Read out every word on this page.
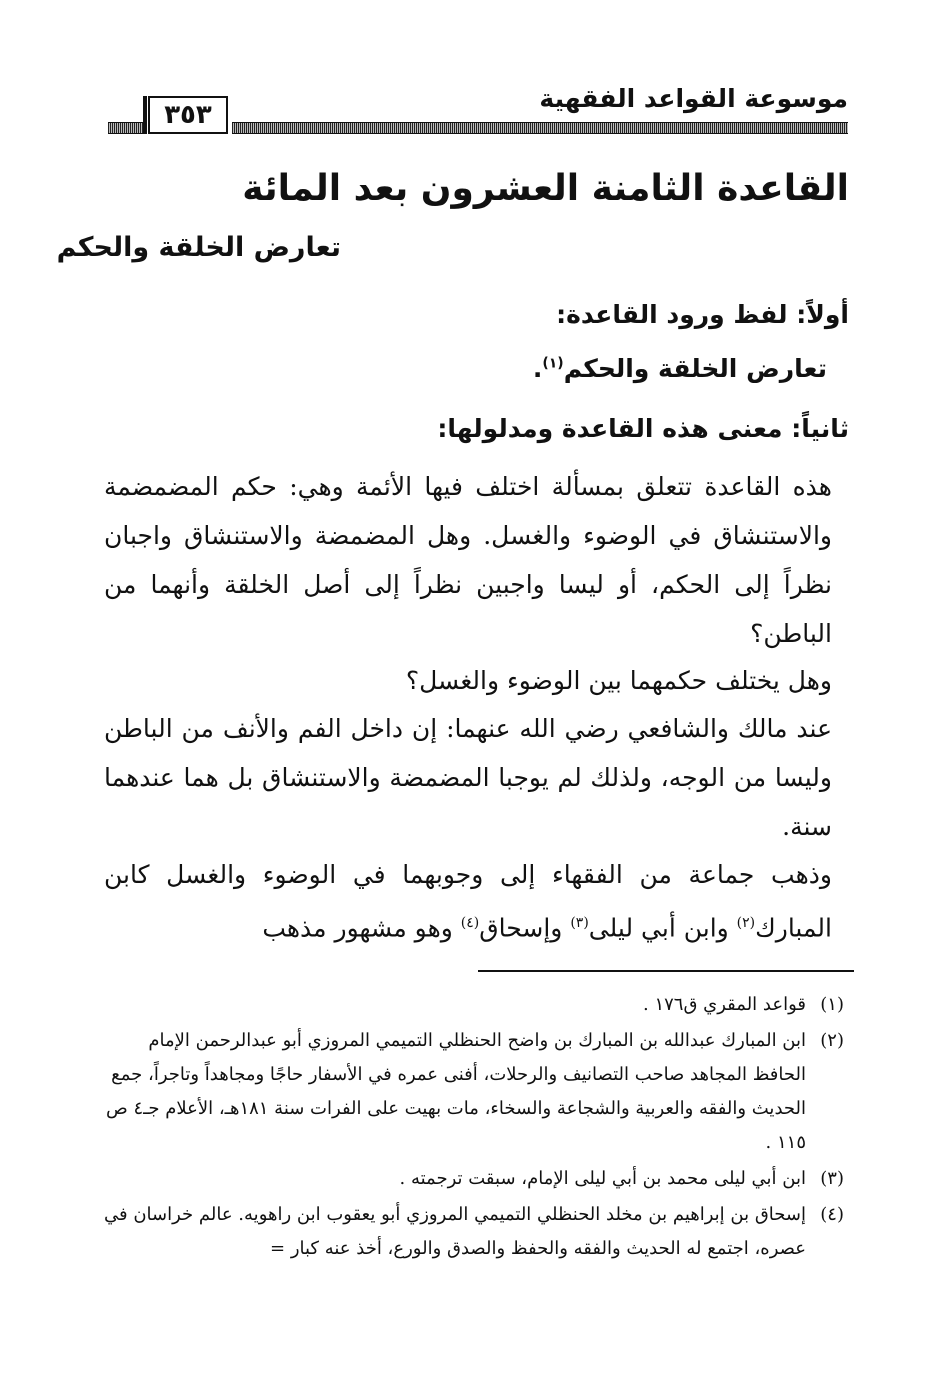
موسوعة القواعد الفقهية
٣٥٣
القاعدة الثامنة العشرون بعد المائة
تعارض الخلقة والحكم
أولاً: لفظ ورود القاعدة:
تعارض الخلقة والحكم$^{(١)}$.
ثانياً: معنى هذه القاعدة ومدلولها:
هذه القاعدة تتعلق بمسألة اختلف فيها الأئمة وهي: حكم المضمضمة والاستنشاق في الوضوء والغسل. وهل المضمضة والاستنشاق واجبان نظراً إلى الحكم، أو ليسا واجبين نظراً إلى أصل الخلقة وأنهما من الباطن؟
وهل يختلف حكمهما بين الوضوء والغسل؟
عند مالك والشافعي رضي الله عنهما: إن داخل الفم والأنف من الباطن وليسا من الوجه، ولذلك لم يوجبا المضمضة والاستنشاق بل هما عندهما سنة.
وذهب جماعة من الفقهاء إلى وجوبهما في الوضوء والغسل كابن المبارك$^{(٢)}$ وابن أبي ليلى$^{(٣)}$ وإسحاق$^{(٤)}$ وهو مشهور مذهب
(١)
قواعد المقري ق١٧٦ .
(٢)
ابن المبارك عبدالله بن المبارك بن واضح الحنظلي التميمي المروزي أبو عبدالرحمن الإمام الحافظ المجاهد صاحب التصانيف والرحلات، أفنى عمره في الأسفار حاجًا ومجاهداً وتاجراً، جمع الحديث والفقه والعربية والشجاعة والسخاء، مات بهيت على الفرات سنة ١٨١هـ، الأعلام جـ٤ ص ١١٥ .
(٣)
ابن أبي ليلى محمد بن أبي ليلى الإمام، سبقت ترجمته .
(٤)
إسحاق بن إبراهيم بن مخلد الحنظلي التميمي المروزي أبو يعقوب ابن راهويه. عالم خراسان في عصره، اجتمع له الحديث والفقه والحفظ والصدق والورع، أخذ عنه كبار =
